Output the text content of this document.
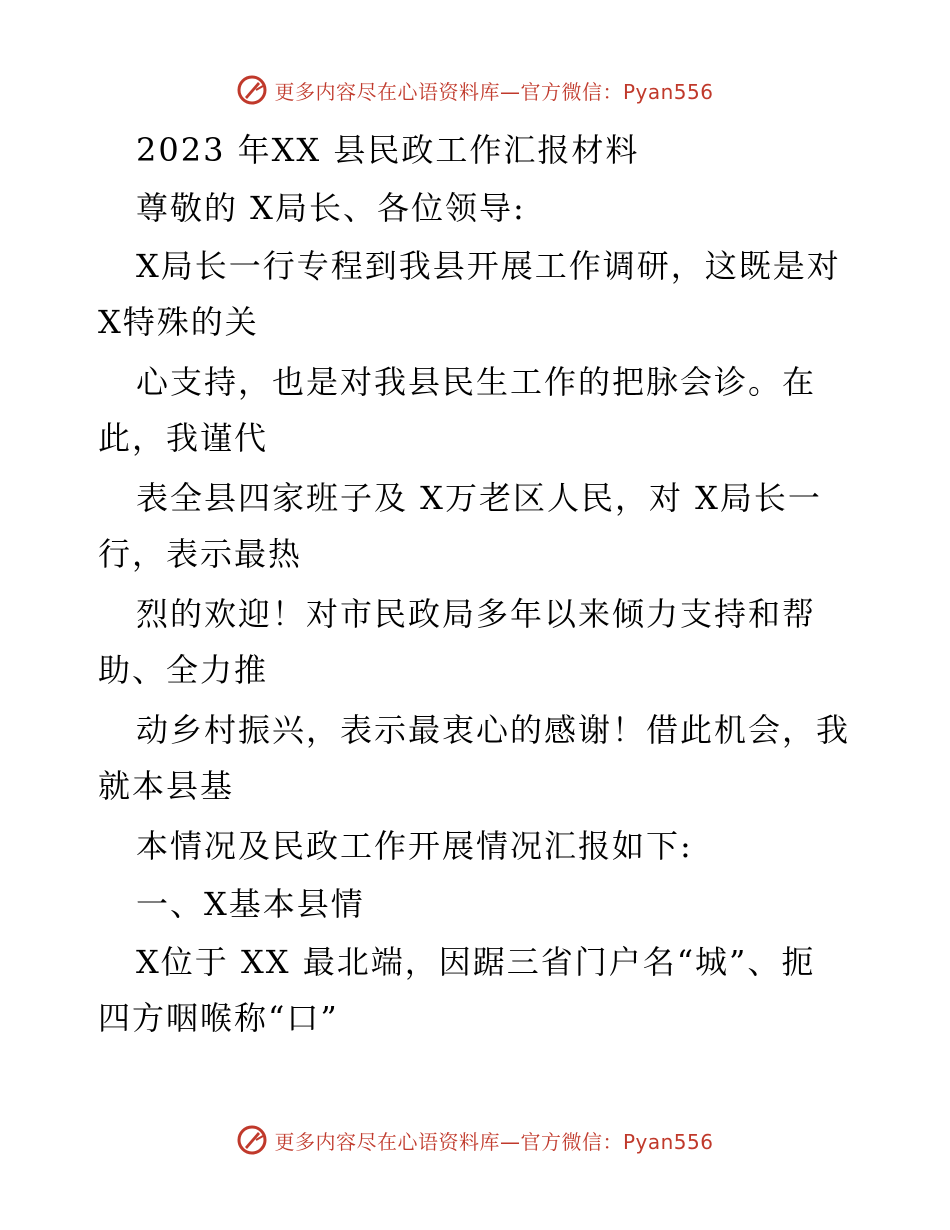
更多内容尽在心语资料库—官方微信：Pyan556
2023 年XX 县民政工作汇报材料
尊敬的 X局长、各位领导:
X局长一行专程到我县开展工作调研，这既是对
X特殊的关
心支持，也是对我县民生工作的把脉会诊。在
此，我谨代
表全县四家班子及 X万老区人民，对 X局长一
行，表示最热
烈的欢迎！对市民政局多年以来倾力支持和帮
助、全力推
动乡村振兴，表示最衷心的感谢！借此机会，我
就本县基
本情况及民政工作开展情况汇报如下:
一、X基本县情
X位于 XX 最北端，因踞三省门户名“城”、扼
四方咽喉称“口”
更多内容尽在心语资料库—官方微信：Pyan556
